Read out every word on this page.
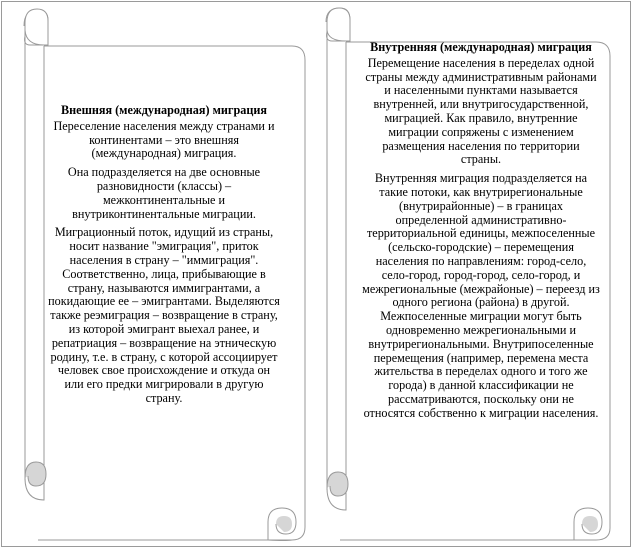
Внешняя (международная) миграция

Переселение населения между странами и континентами – это внешняя (международная) миграция.

Она подразделяется на две основные разновидности (классы) – межконтинентальные и внутриконтинентальные миграции.

Миграционный поток, идущий из страны, носит название "эмиграция", приток населения в страну – "иммиграция". Соответственно, лица, прибывающие в страну, называются иммигрантами, а покидающие ее – эмигрантами. Выделяются также реэмиграция – возвращение в страну, из которой эмигрант выехал ранее, и репатриация – возвращение на этническую родину, т.е. в страну, с которой ассоциирует человек свое происхождение и откуда он или его предки мигрировали в другую страну.

Внутренняя (международная) миграция

Перемещение населения в переделах одной страны между административным районами и населенными пунктами называется внутренней, или внутригосударственной, миграцией. Как правило, внутренние миграции сопряжены с изменением размещения населения по территории страны.

Внутренняя миграция подразделяется на такие потоки, как внутрирегиональные (внутрирайонные) – в границах определенной административно-территориальной единицы, межпоселенные (сельско-городские) – перемещения населения по направлениям: город-село, село-город, город-город, село-город, и межрегиональные (межрайоные) – переезд из одного региона (района) в другой. Межпоселенные миграции могут быть одновременно межрегиональными и внутрирегиональными. Внутрипоселенные перемещения (например, перемена места жительства в переделах одного и того же города) в данной классификации не рассматриваются, поскольку они не относятся собственно к миграции населения.
